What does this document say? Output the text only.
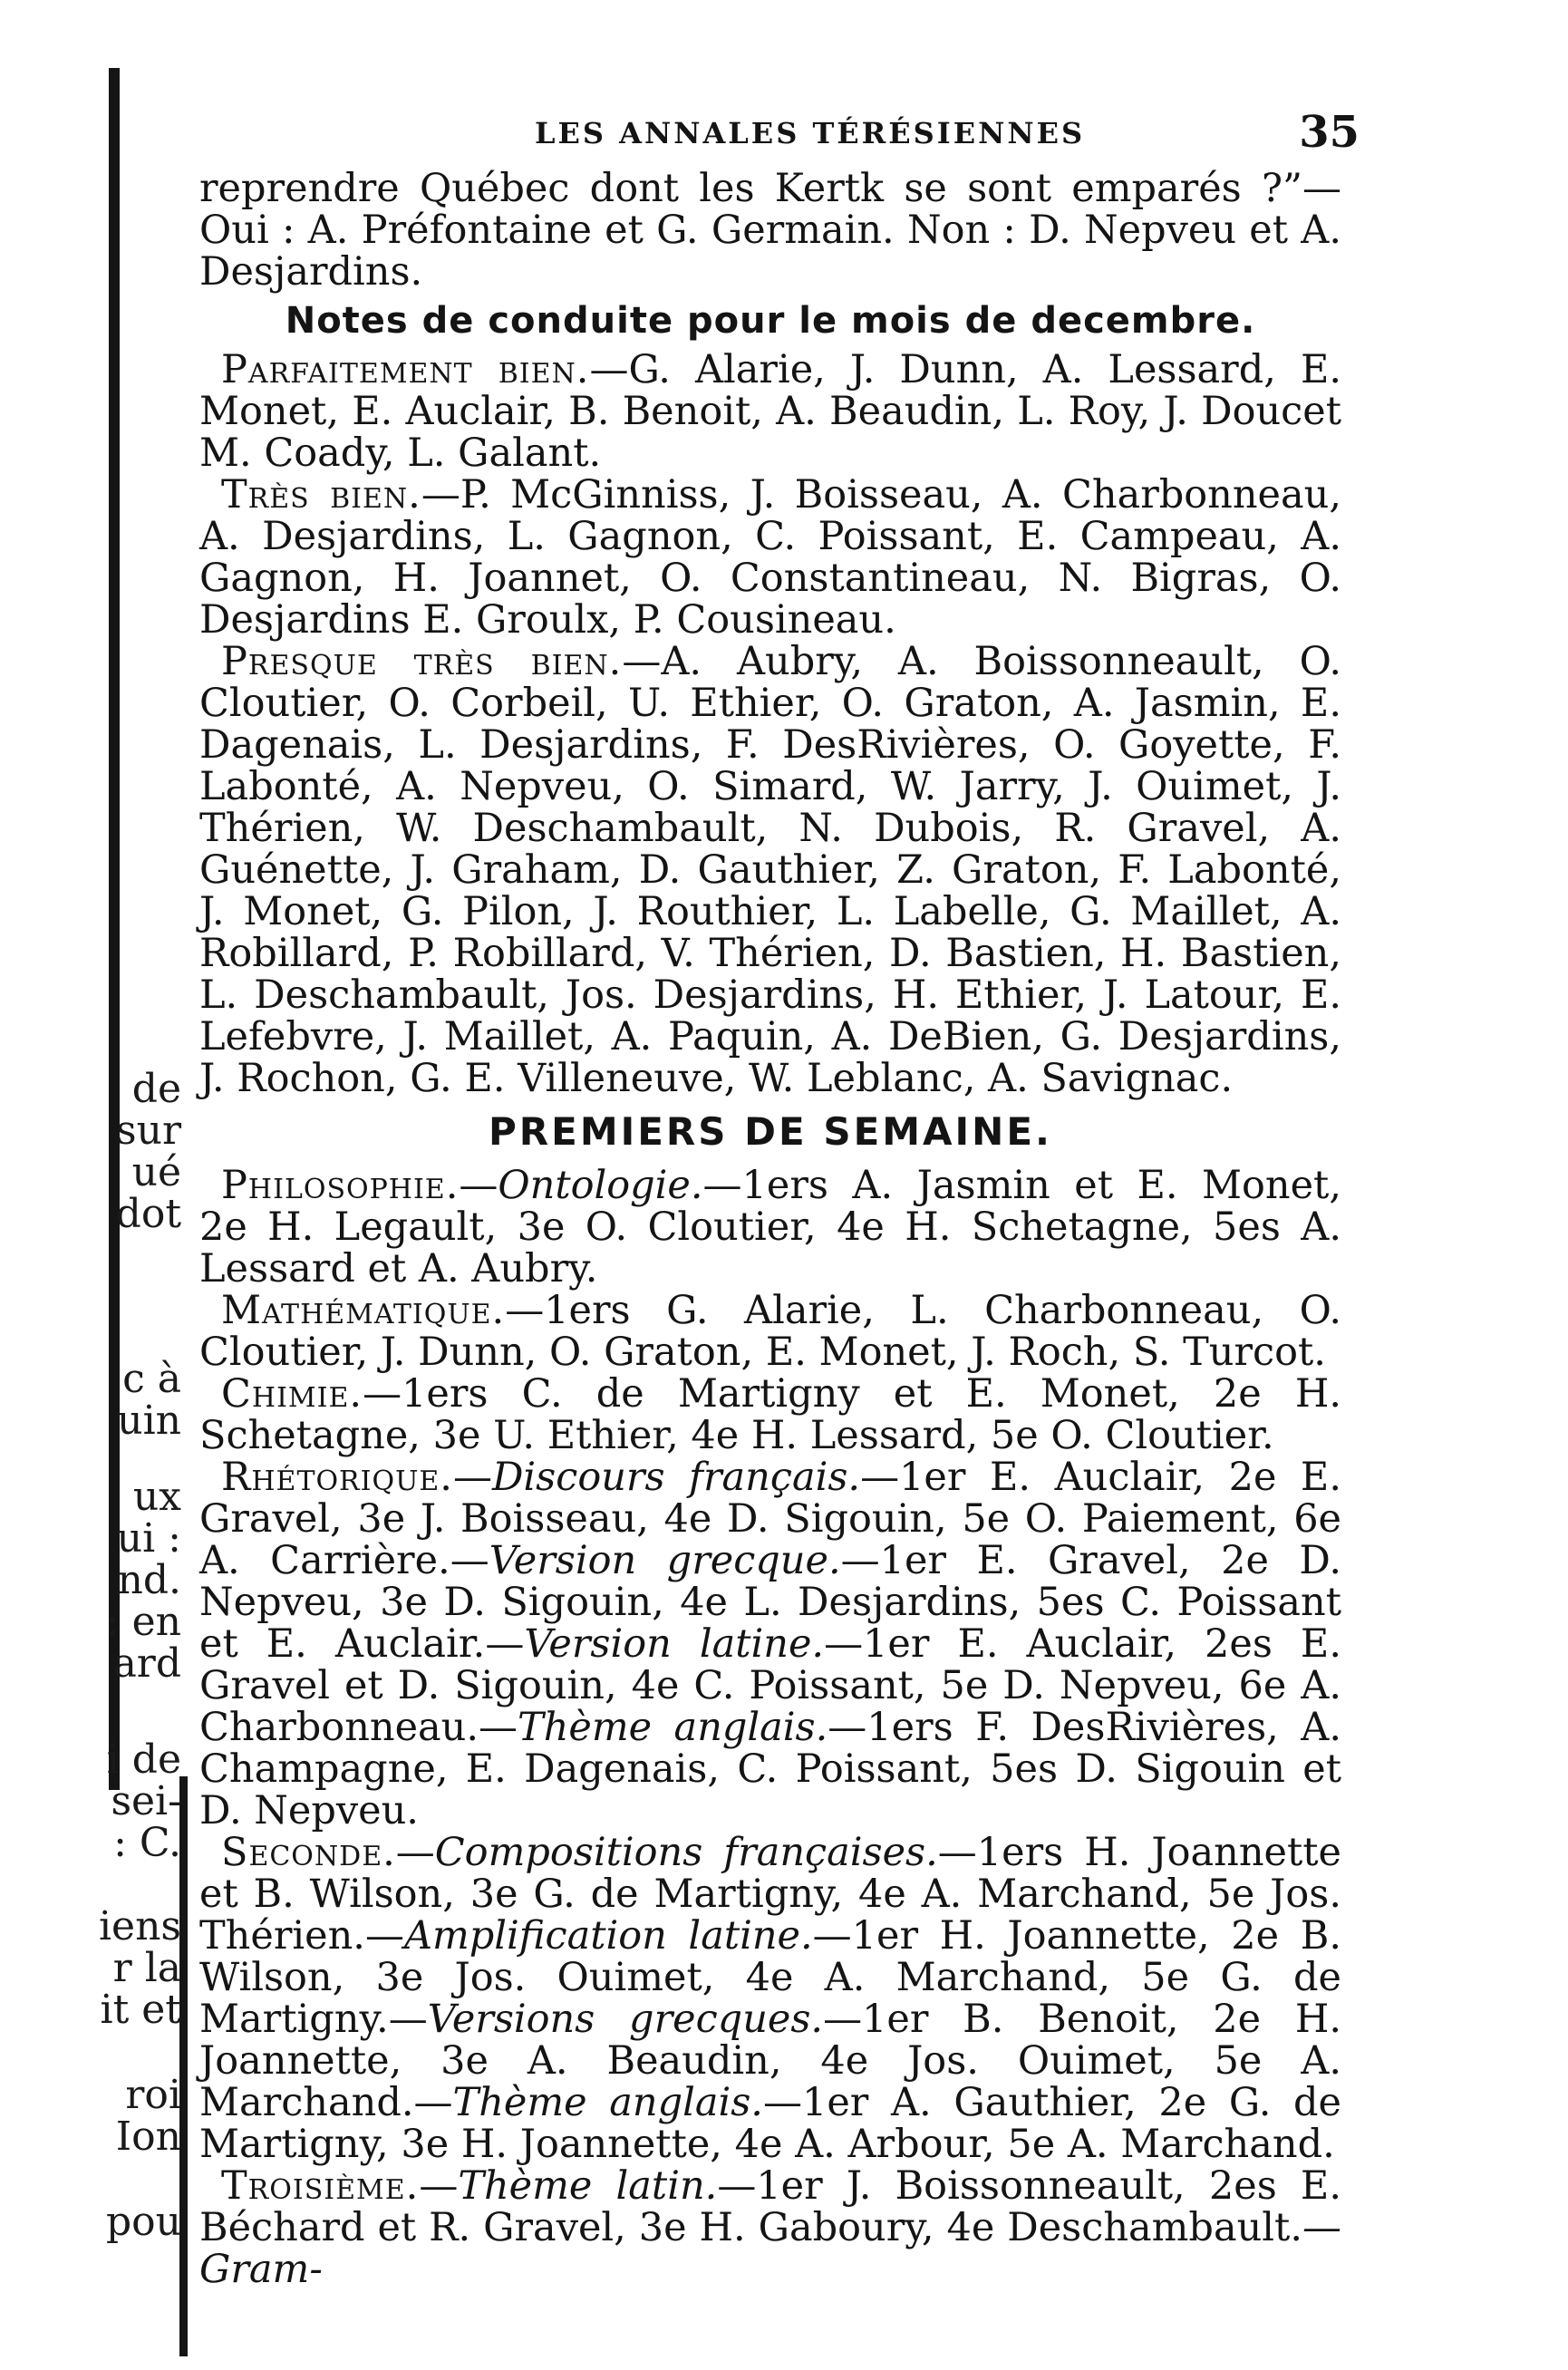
de
sur
ué
dot
c à
uin
ux
ui :
nd.
: en
ard
i de
sei-
: C.
iens
r la
it et
roi
Ion
pou
LES ANNALES TÉRÉSIENNES	35

reprendre Québec dont les Kertk se sont emparés ?”—Oui : A. Préfontaine et G. Germain. Non : D. Nepveu et A. Desjardins.

Notes de conduite pour le mois de decembre.

Parfaitement bien.—G. Alarie, J. Dunn, A. Lessard, E. Monet, E. Auclair, B. Benoit, A. Beaudin, L. Roy, J. Doucet M. Coady, L. Galant.

Très bien.—P. McGinniss, J. Boisseau, A. Charbonneau, A. Desjardins, L. Gagnon, C. Poissant, E. Campeau, A. Gagnon, H. Joannet, O. Constantineau, N. Bigras, O. Desjardins E. Groulx, P. Cousineau.

Presque très bien.—A. Aubry, A. Boissonneault, O. Cloutier, O. Corbeil, U. Ethier, O. Graton, A. Jasmin, E. Dagenais, L. Desjardins, F. DesRivières, O. Goyette, F. Labonté, A. Nepveu, O. Simard, W. Jarry, J. Ouimet, J. Thérien, W. Deschambault, N. Dubois, R. Gravel, A. Guénette, J. Graham, D. Gauthier, Z. Graton, F. Labonté, J. Monet, G. Pilon, J. Routhier, L. Labelle, G. Maillet, A. Robillard, P. Robillard, V. Thérien, D. Bastien, H. Bastien, L. Deschambault, Jos. Desjardins, H. Ethier, J. Latour, E. Lefebvre, J. Maillet, A. Paquin, A. DeBien, G. Desjardins, J. Rochon, G. E. Villeneuve, W. Leblanc, A. Savignac.

PREMIERS DE SEMAINE.

Philosophie.—Ontologie.—1ers A. Jasmin et E. Monet, 2e H. Legault, 3e O. Cloutier, 4e H. Schetagne, 5es A. Lessard et A. Aubry.

Mathématique.—1ers G. Alarie, L. Charbonneau, O. Cloutier, J. Dunn, O. Graton, E. Monet, J. Roch, S. Turcot.

Chimie.—1ers C. de Martigny et E. Monet, 2e H. Schetagne, 3e U. Ethier, 4e H. Lessard, 5e O. Cloutier.

Rhétorique.—Discours français.—1er E. Auclair, 2e E. Gravel, 3e J. Boisseau, 4e D. Sigouin, 5e O. Paiement, 6e A. Carrière.—Version grecque.—1er E. Gravel, 2e D. Nepveu, 3e D. Sigouin, 4e L. Desjardins, 5es C. Poissant et E. Auclair.—Version latine.—1er E. Auclair, 2es E. Gravel et D. Sigouin, 4e C. Poissant, 5e D. Nepveu, 6e A. Charbonneau.—Thème anglais.—1ers F. DesRivières, A. Champagne, E. Dagenais, C. Poissant, 5es D. Sigouin et D. Nepveu.

Seconde.—Compositions françaises.—1ers H. Joannette et B. Wilson, 3e G. de Martigny, 4e A. Marchand, 5e Jos. Thérien.—Amplification latine.—1er H. Joannette, 2e B. Wilson, 3e Jos. Ouimet, 4e A. Marchand, 5e G. de Martigny.—Versions grecques.—1er B. Benoit, 2e H. Joannette, 3e A. Beaudin, 4e Jos. Ouimet, 5e A. Marchand.—Thème anglais.—1er A. Gauthier, 2e G. de Martigny, 3e H. Joannette, 4e A. Arbour, 5e A. Marchand.

Troisième.—Thème latin.—1er J. Boissonneault, 2es E. Béchard et R. Gravel, 3e H. Gaboury, 4e Deschambault.—Gram-
